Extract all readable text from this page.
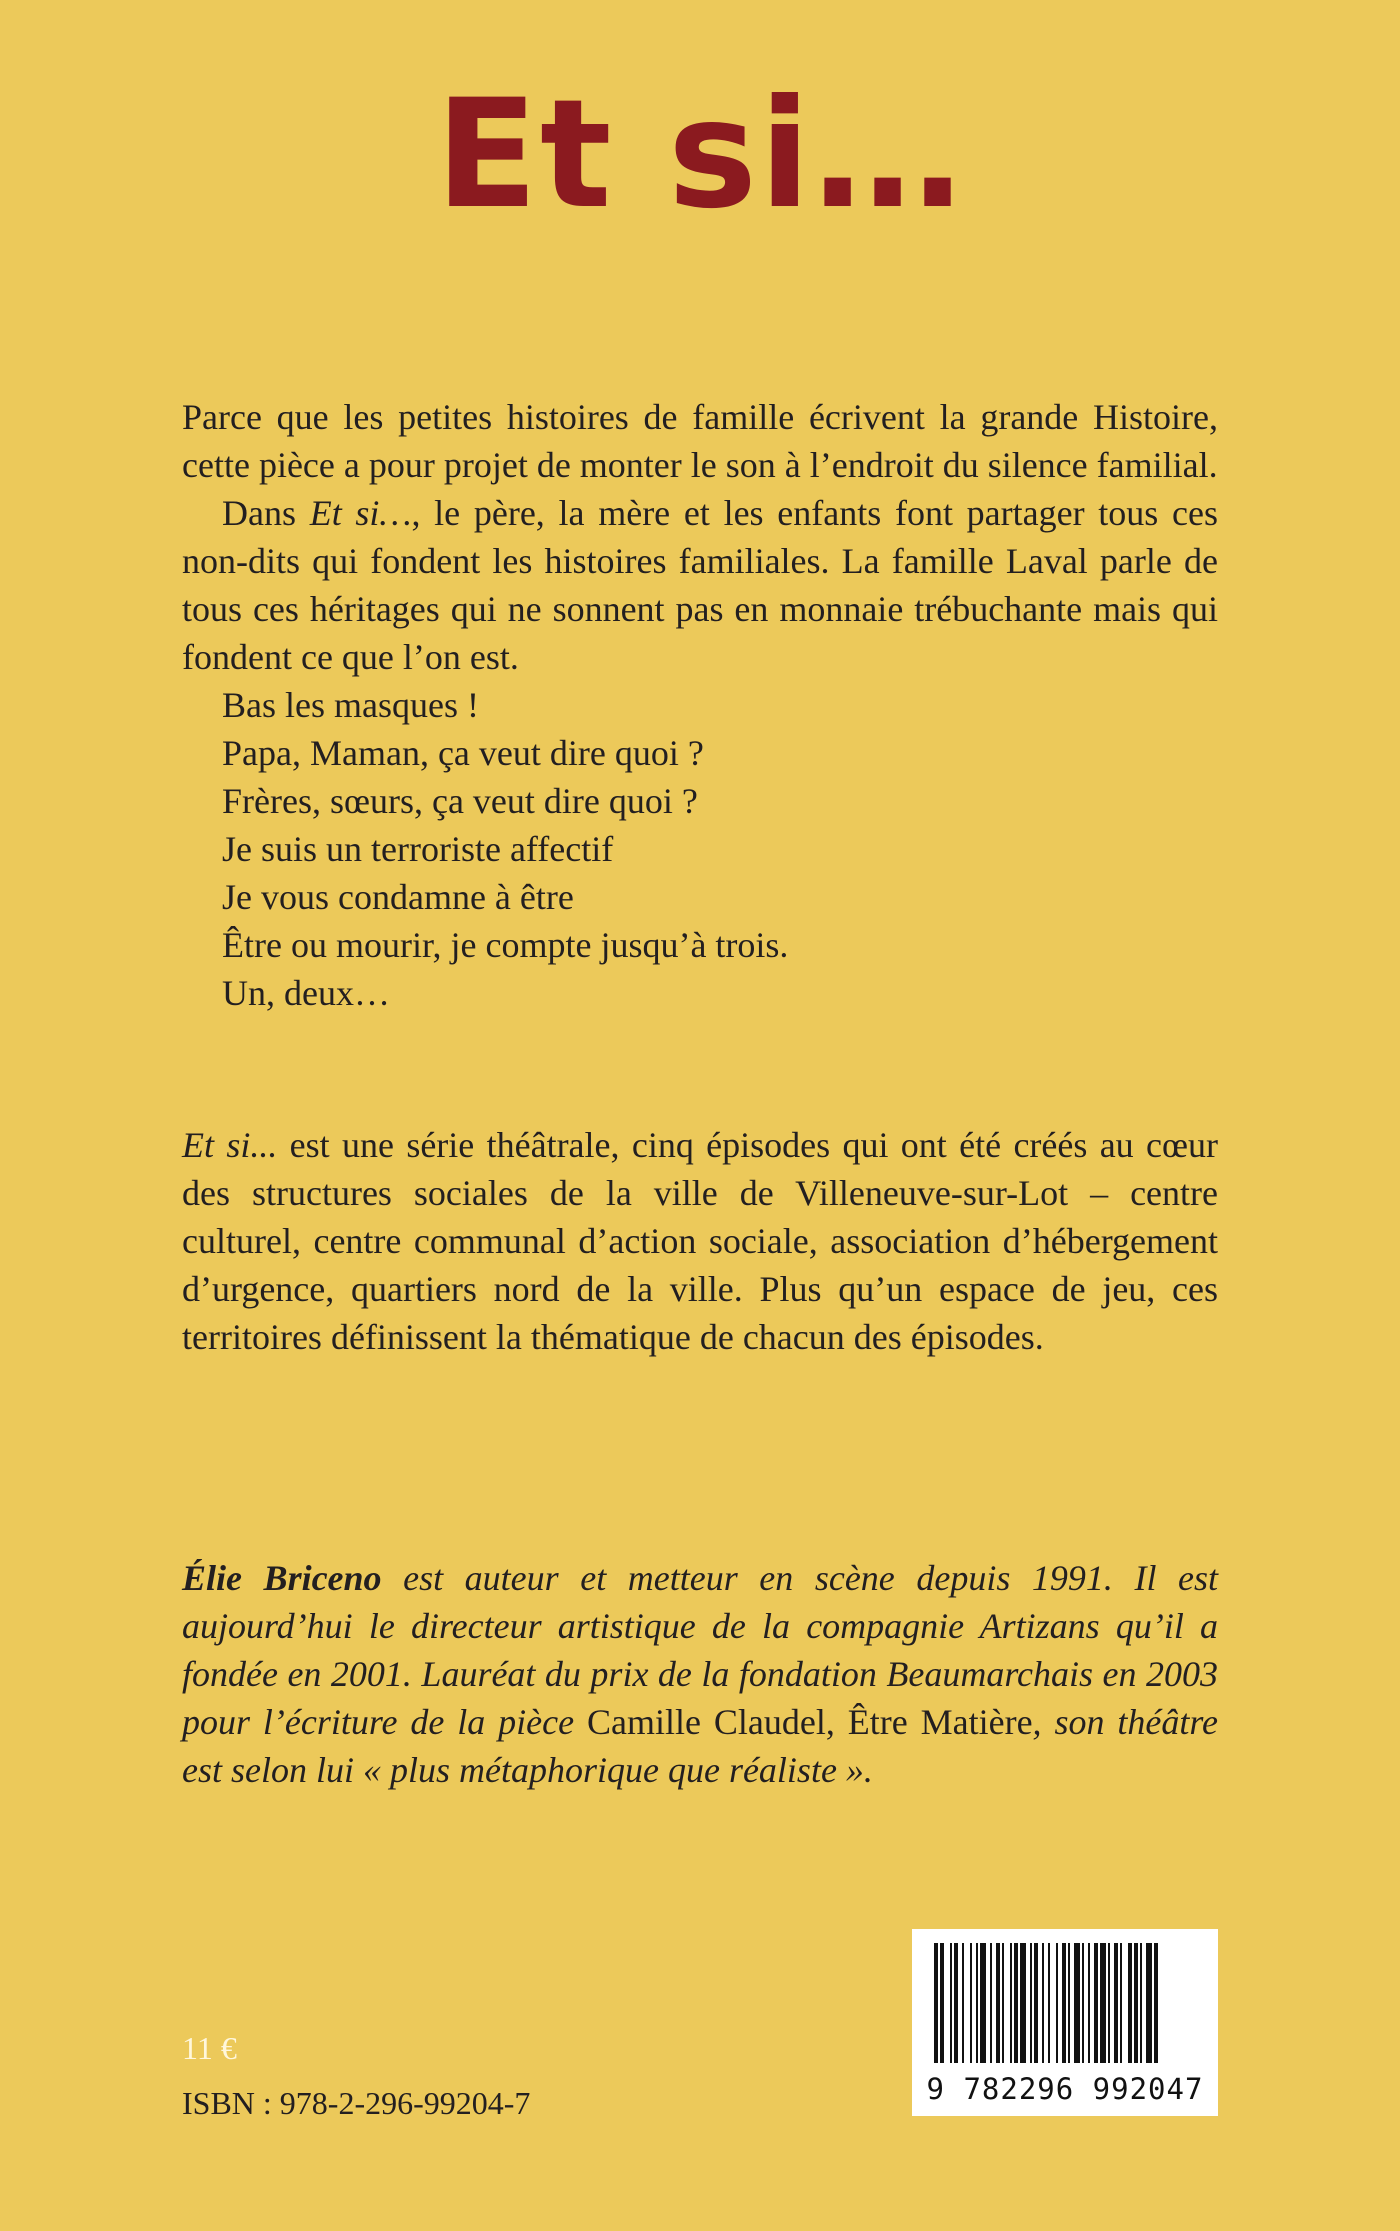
Et si…

Parce que les petites histoires de famille écrivent la grande Histoire, cette pièce a pour projet de monter le son à l’endroit du silence familial.

Dans Et si…, le père, la mère et les enfants font partager tous ces non-dits qui fondent les histoires familiales. La famille Laval parle de tous ces héritages qui ne sonnent pas en monnaie trébuchante mais qui fondent ce que l’on est.

Bas les masques !

Papa, Maman, ça veut dire quoi ?

Frères, sœurs, ça veut dire quoi ?

Je suis un terroriste affectif

Je vous condamne à être

Être ou mourir, je compte jusqu’à trois.

Un, deux…

Et si... est une série théâtrale, cinq épisodes qui ont été créés au cœur des structures sociales de la ville de Villeneuve-sur-Lot – centre culturel, centre communal d’action sociale, association d’hébergement d’urgence, quartiers nord de la ville. Plus qu’un espace de jeu, ces territoires définissent la thématique de chacun des épisodes.

Élie Briceno est auteur et metteur en scène depuis 1991. Il est aujourd’hui le directeur artistique de la compagnie Artizans qu’il a fondée en 2001. Lauréat du prix de la fondation Beaumarchais en 2003 pour l’écriture de la pièce Camille Claudel, Être Matière, son théâtre est selon lui « plus métaphorique que réaliste ».

11 €
ISBN : 978-2-296-99204-7	9 782296 992047
